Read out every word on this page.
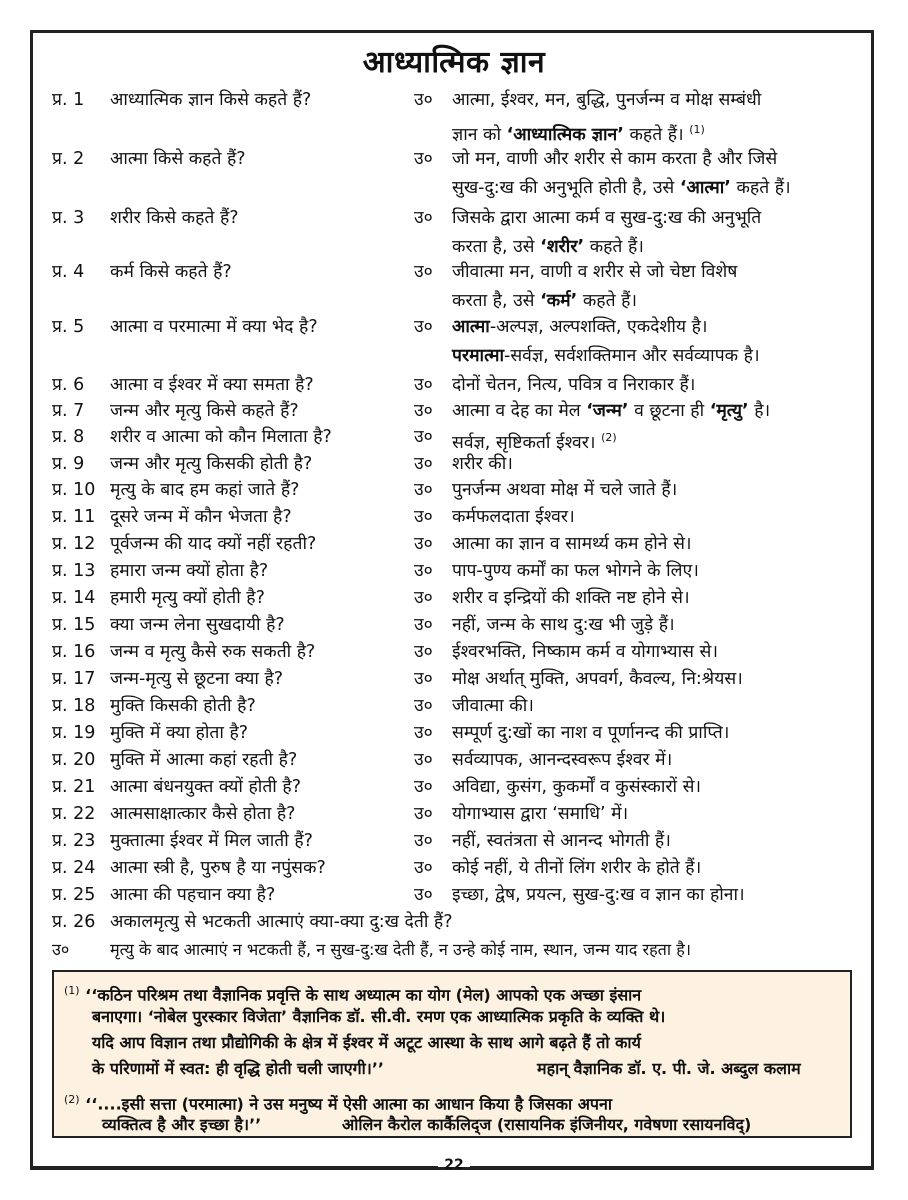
आध्यात्मिक ज्ञान
प्र. 1	आध्यात्मिक ज्ञान किसे कहते हैं?	उ०	आत्मा, ईश्वर, मन, बुद्धि, पुनर्जन्म व मोक्ष सम्बंधी
ज्ञान को ‘आध्यात्मिक ज्ञान’ कहते हैं। $^{(1)}$
प्र. 2	आत्मा किसे कहते हैं?	उ०	जो मन, वाणी और शरीर से काम करता है और जिसे
सुख-दु:ख की अनुभूति होती है, उसे ‘आत्मा’ कहते हैं।
प्र. 3	शरीर किसे कहते हैं?	उ०	जिसके द्वारा आत्मा कर्म व सुख-दु:ख की अनुभूति
करता है, उसे ‘शरीर’ कहते हैं।
प्र. 4	कर्म किसे कहते हैं?	उ०	जीवात्मा मन, वाणी व शरीर से जो चेष्टा विशेष
करता है, उसे ‘कर्म’ कहते हैं।
प्र. 5	आत्मा व परमात्मा में क्या भेद है?	उ०	आत्मा-अल्पज्ञ, अल्पशक्ति, एकदेशीय है।
परमात्मा-सर्वज्ञ, सर्वशक्तिमान और सर्वव्यापक है।
प्र. 6	आत्मा व ईश्वर में क्या समता है?	उ०	दोनों चेतन, नित्य, पवित्र व निराकार हैं।
प्र. 7	जन्म और मृत्यु किसे कहते हैं?	उ०	आत्मा व देह का मेल ‘जन्म’ व छूटना ही ‘मृत्यु’ है।
प्र. 8	शरीर व आत्मा को कौन मिलाता है?	उ०	सर्वज्ञ, सृष्टिकर्ता ईश्वर। $^{(2)}$
प्र. 9	जन्म और मृत्यु किसकी होती है?	उ०	शरीर की।
प्र. 10 मृत्यु के बाद हम कहां जाते हैं?	उ०	पुनर्जन्म अथवा मोक्ष में चले जाते हैं।
प्र. 11 दूसरे जन्म में कौन भेजता है?	उ०	कर्मफलदाता ईश्वर।
प्र. 12 पूर्वजन्म की याद क्यों नहीं रहती?	उ०	आत्मा का ज्ञान व सामर्थ्य कम होने से।
प्र. 13 हमारा जन्म क्यों होता है?	उ०	पाप-पुण्य कर्मों का फल भोगने के लिए।
प्र. 14 हमारी मृत्यु क्यों होती है?	उ०	शरीर व इन्द्रियों की शक्ति नष्ट होने से।
प्र. 15 क्या जन्म लेना सुखदायी है?	उ०	नहीं, जन्म के साथ दु:ख भी जुड़े हैं।
प्र. 16 जन्म व मृत्यु कैसे रुक सकती है?	उ०	ईश्वरभक्ति, निष्काम कर्म व योगाभ्यास से।
प्र. 17 जन्म-मृत्यु से छूटना क्या है?	उ०	मोक्ष अर्थात् मुक्ति, अपवर्ग, कैवल्य, नि:श्रेयस।
प्र. 18 मुक्ति किसकी होती है?	उ०	जीवात्मा की।
प्र. 19 मुक्ति में क्या होता है?	उ०	सम्पूर्ण दु:खों का नाश व पूर्णानन्द की प्राप्ति।
प्र. 20 मुक्ति में आत्मा कहां रहती है?	उ०	सर्वव्यापक, आनन्दस्वरूप ईश्वर में।
प्र. 21 आत्मा बंधनयुक्त क्यों होती है?	उ०	अविद्या, कुसंग, कुकर्मों व कुसंस्कारों से।
प्र. 22 आत्मसाक्षात्कार कैसे होता है?	उ०	योगाभ्यास द्वारा ‘समाधि’ में।
प्र. 23 मुक्तात्मा ईश्वर में मिल जाती हैं?	उ०	नहीं, स्वतंत्रता से आनन्द भोगती हैं।
प्र. 24 आत्मा स्त्री है, पुरुष है या नपुंसक?	उ०	कोई नहीं, ये तीनों लिंग शरीर के होते हैं।
प्र. 25 आत्मा की पहचान क्या है?	उ०	इच्छा, द्वेष, प्रयत्न, सुख-दु:ख व ज्ञान का होना।
प्र. 26 अकालमृत्यु से भटकती आत्माएं क्या-क्या दु:ख देती हैं?
उ०	मृत्यु के बाद आत्माएं न भटकती हैं, न सुख-दु:ख देती हैं, न उन्हे कोई नाम, स्थान, जन्म याद रहता है।
$^{(1)}$ ‘‘कठिन परिश्रम तथा वैज्ञानिक प्रवृत्ति के साथ अध्यात्म का योग (मेल) आपको एक अच्छा इंसान
बनाएगा। ‘नोबेल पुरस्कार विजेता’ वैज्ञानिक डॉ. सी.वी. रमण एक आध्यात्मिक प्रकृति के व्यक्ति थे।
यदि आप विज्ञान तथा प्रौद्योगिकी के क्षेत्र में ईश्वर में अटूट आस्था के साथ आगे बढ़ते हैं तो कार्य
के परिणामों में स्वत: ही वृद्धि होती चली जाएगी।’’	महान् वैज्ञानिक डॉ. ए. पी. जे. अब्दुल कलाम
$^{(2)}$ ‘‘....इसी सत्ता (परमात्मा) ने उस मनुष्य में ऐसी आत्मा का आधान किया है जिसका अपना
व्यक्तित्व है और इच्छा है।’’	ओलिन कैरोल कार्कैलिद्ज (रासायनिक इंजिनीयर, गवेषणा रसायनविद्)
22
